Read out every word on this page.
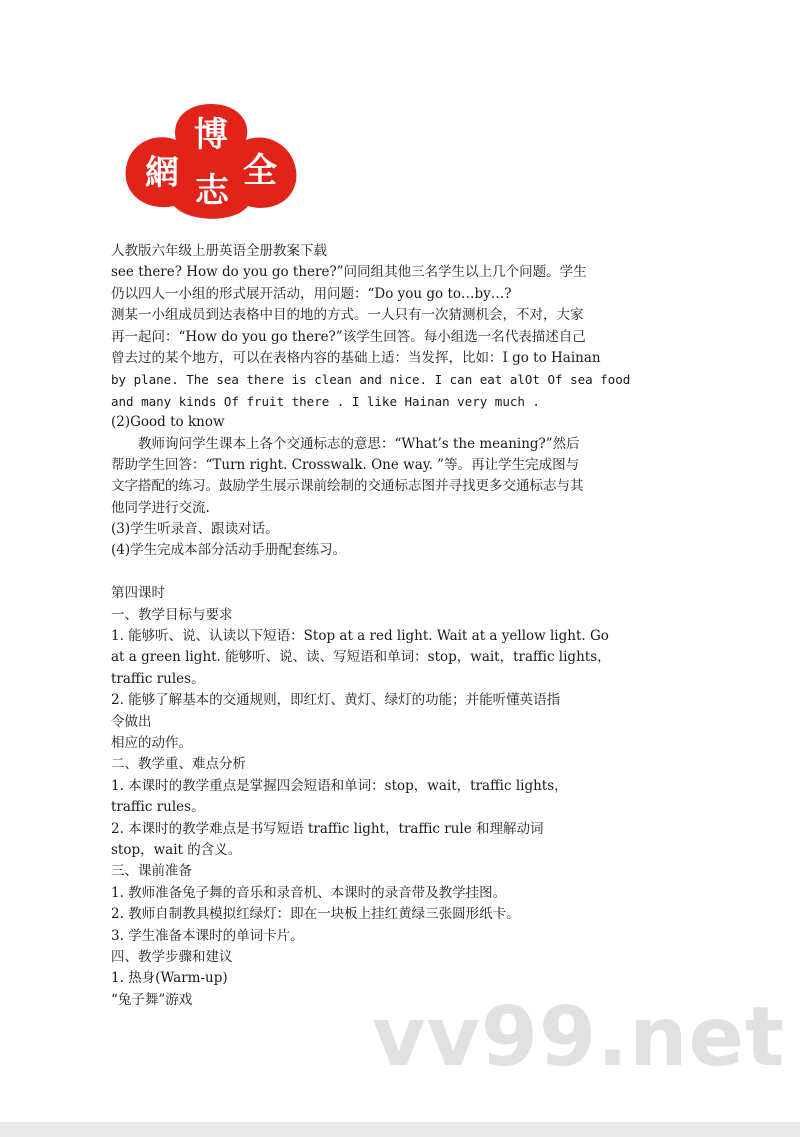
博
網 志 全
人教版六年级上册英语全册教案下载
see there? How do you go there?”问同组其他三名学生以上几个问题。学生
仍以四人一小组的形式展开活动，用问题：“Do you go to…by…?
测某一小组成员到达表格中目的地的方式。一人只有一次猜测机会，不对，大家
再一起问：“How do you go there?”该学生回答。每小组选一名代表描述自己
曾去过的某个地方，可以在表格内容的基础上适：当发挥，比如：I go to Hainan
by plane. The sea there is clean and nice. I can eat alOt Of sea food
and many kinds Of fruit there . I like Hainan very much .
(2)Good to know
教师询问学生课本上各个交通标志的意思：“What’s the meaning?”然后
帮助学生回答：“Turn right. Crosswalk. One way. ”等。再让学生完成图与
文字搭配的练习。鼓励学生展示课前绘制的交通标志图并寻找更多交通标志与其
他同学进行交流.
(3)学生听录音、跟读对话。
(4)学生完成本部分活动手册配套练习。
第四课时
一、教学目标与要求
1. 能够听、说、认读以下短语：Stop at a red light. Wait at a yellow light. Go
at a green light. 能够听、说、读、写短语和单词：stop，wait，traffic lights，
traffic rules。
2. 能够了解基本的交通规则，即红灯、黄灯、绿灯的功能；并能听懂英语指
令做出
相应的动作。
二、教学重、难点分析
1. 本课时的教学重点是掌握四会短语和单词：stop，wait，traffic lights，
traffic rules。
2. 本课时的教学难点是书写短语 traffic light，traffic rule 和理解动词
stop，wait 的含义。
三、课前准备
1. 教师准备兔子舞的音乐和录音机、本课时的录音带及教学挂图。
2. 教师自制教具模拟红绿灯：即在一块板上挂红黄绿三张圆形纸卡。
3. 学生准备本课时的单词卡片。
四、教学步骤和建议
1. 热身(Warm-up)
“兔子舞”游戏	vv99.net
